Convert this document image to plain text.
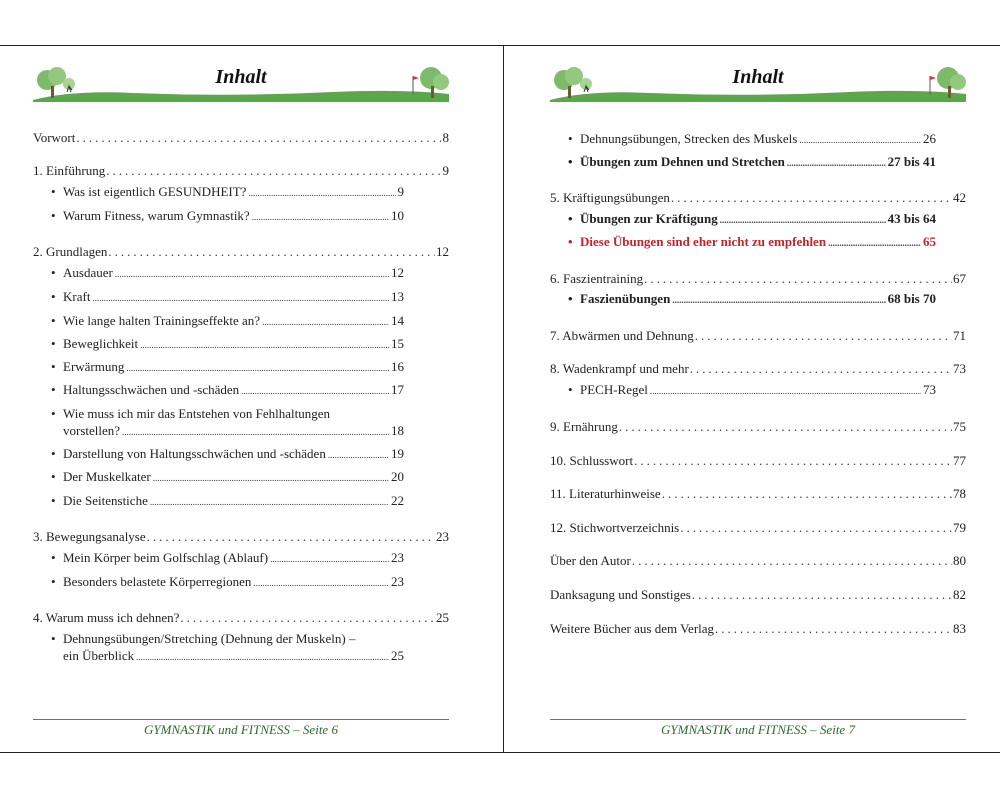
Inhalt
Vorwort .....	8
1. Einführung .....	9
• Was ist eigentlich GESUNDHEIT? .....	9
• Warum Fitness, warum Gymnastik? .....	10
2. Grundlagen .....	12
• Ausdauer .....	12
• Kraft .....	13
• Wie lange halten Trainingseffekte an? .....	14
• Beweglichkeit .....	15
• Erwärmung .....	16
• Haltungsschwächen und -schäden .....	17
• Wie muss ich mir das Entstehen von Fehlhaltungen
vorstellen? .....	18
• Darstellung von Haltungsschwächen und -schäden .....	19
• Der Muskelkater .....	20
• Die Seitenstiche .....	22
3. Bewegungsanalyse .....	23
• Mein Körper beim Golfschlag (Ablauf) .....	23
• Besonders belastete Körperregionen .....	23
4. Warum muss ich dehnen? .....	25
• Dehnungsübungen/Stretching (Dehnung der Muskeln) –
ein Überblick .....	25
GYMNASTIK und FITNESS – Seite 6
Inhalt
• Dehnungsübungen, Strecken des Muskels .....	26
• Übungen zum Dehnen und Stretchen .....	27 bis 41
5. Kräftigungsübungen .....	42
• Übungen zur Kräftigung .....	43 bis 64
• Diese Übungen sind eher nicht zu empfehlen .....	65
6. Faszientraining .....	67
• Faszienübungen .....	68 bis 70
7. Abwärmen und Dehnung .....	71
8. Wadenkrampf und mehr .....	73
• PECH-Regel .....	73
9. Ernährung .....	75
10. Schlusswort .....	77
11. Literaturhinweise .....	78
12. Stichwortverzeichnis .....	79
Über den Autor .....	80
Danksagung und Sonstiges .....	82
Weitere Bücher aus dem Verlag .....	83
GYMNASTIK und FITNESS – Seite 7
